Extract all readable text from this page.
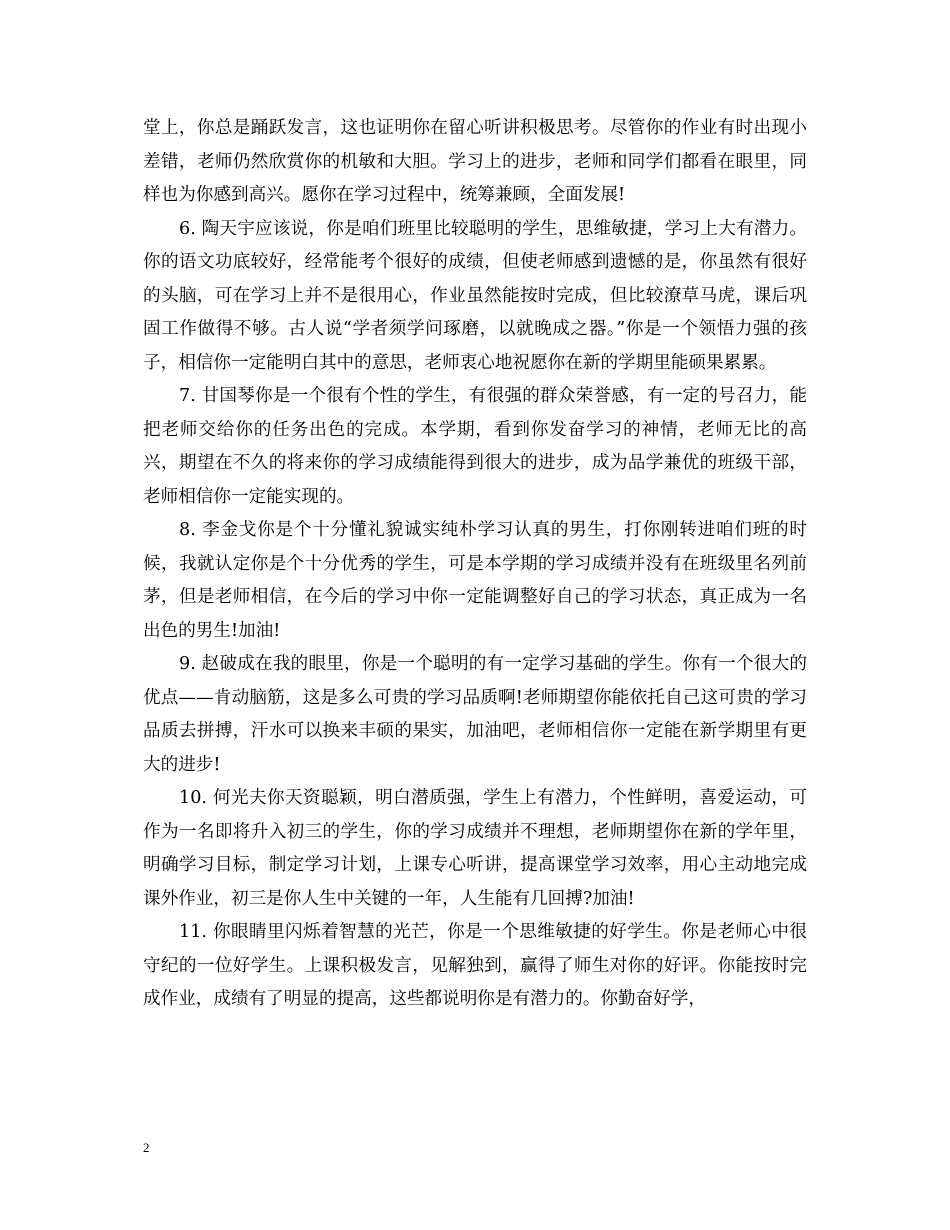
堂上，你总是踊跃发言，这也证明你在留心听讲积极思考。尽管你的作业有时出现小差错，老师仍然欣赏你的机敏和大胆。学习上的进步，老师和同学们都看在眼里，同样也为你感到高兴。愿你在学习过程中，统筹兼顾，全面发展!

6. 陶天宇应该说，你是咱们班里比较聪明的学生，思维敏捷，学习上大有潜力。你的语文功底较好，经常能考个很好的成绩，但使老师感到遗憾的是，你虽然有很好的头脑，可在学习上并不是很用心，作业虽然能按时完成，但比较潦草马虎，课后巩固工作做得不够。古人说“学者须学问琢磨，以就晚成之器。”你是一个领悟力强的孩子，相信你一定能明白其中的意思，老师衷心地祝愿你在新的学期里能硕果累累。

7. 甘国琴你是一个很有个性的学生，有很强的群众荣誉感，有一定的号召力，能把老师交给你的任务出色的完成。本学期，看到你发奋学习的神情，老师无比的高兴，期望在不久的将来你的学习成绩能得到很大的进步，成为品学兼优的班级干部，老师相信你一定能实现的。

8. 李金戈你是个十分懂礼貌诚实纯朴学习认真的男生，打你刚转进咱们班的时候，我就认定你是个十分优秀的学生，可是本学期的学习成绩并没有在班级里名列前茅，但是老师相信，在今后的学习中你一定能调整好自己的学习状态，真正成为一名出色的男生!加油!

9. 赵破成在我的眼里，你是一个聪明的有一定学习基础的学生。你有一个很大的优点——肯动脑筋，这是多么可贵的学习品质啊!老师期望你能依托自己这可贵的学习品质去拼搏，汗水可以换来丰硕的果实，加油吧，老师相信你一定能在新学期里有更大的进步!

10. 何光夫你天资聪颖，明白潜质强，学生上有潜力，个性鲜明，喜爱运动，可作为一名即将升入初三的学生，你的学习成绩并不理想，老师期望你在新的学年里，明确学习目标，制定学习计划，上课专心听讲，提高课堂学习效率，用心主动地完成课外作业，初三是你人生中关键的一年，人生能有几回搏?加油!

11. 你眼睛里闪烁着智慧的光芒，你是一个思维敏捷的好学生。你是老师心中很守纪的一位好学生。上课积极发言，见解独到，赢得了师生对你的好评。你能按时完成作业，成绩有了明显的提高，这些都说明你是有潜力的。你勤奋好学，

2
